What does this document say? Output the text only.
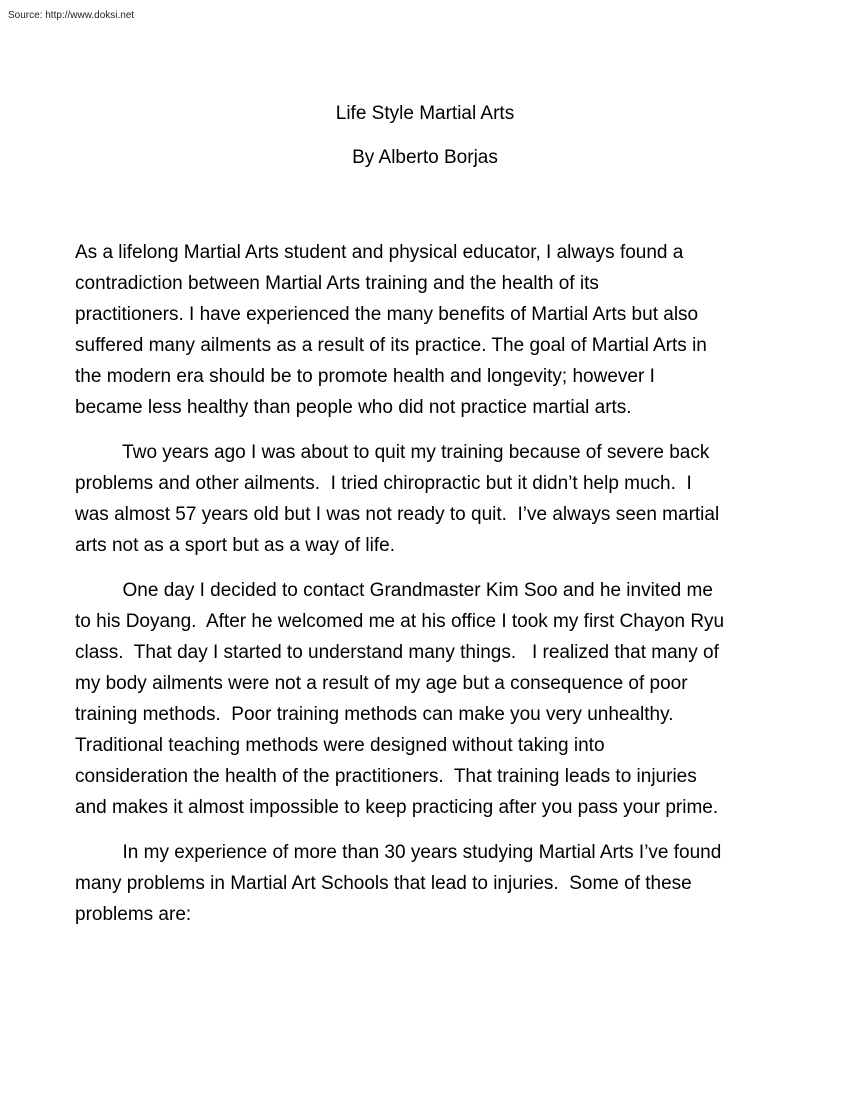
Source: http://www.doksi.net
Life Style Martial Arts
By Alberto Borjas
As a lifelong Martial Arts student and physical educator, I always found a
contradiction between Martial Arts training and the health of its
practitioners. I have experienced the many benefits of Martial Arts but also
suffered many ailments as a result of its practice. The goal of Martial Arts in
the modern era should be to promote health and longevity; however I
became less healthy than people who did not practice martial arts.
Two years ago I was about to quit my training because of severe back
problems and other ailments.  I tried chiropractic but it didn’t help much.  I
was almost 57 years old but I was not ready to quit.  I’ve always seen martial
arts not as a sport but as a way of life.
One day I decided to contact Grandmaster Kim Soo and he invited me
to his Doyang.  After he welcomed me at his office I took my first Chayon Ryu
class.  That day I started to understand many things.   I realized that many of
my body ailments were not a result of my age but a consequence of poor
training methods.  Poor training methods can make you very unhealthy.
Traditional teaching methods were designed without taking into
consideration the health of the practitioners.  That training leads to injuries
and makes it almost impossible to keep practicing after you pass your prime.
In my experience of more than 30 years studying Martial Arts I’ve found
many problems in Martial Art Schools that lead to injuries.  Some of these
problems are:
